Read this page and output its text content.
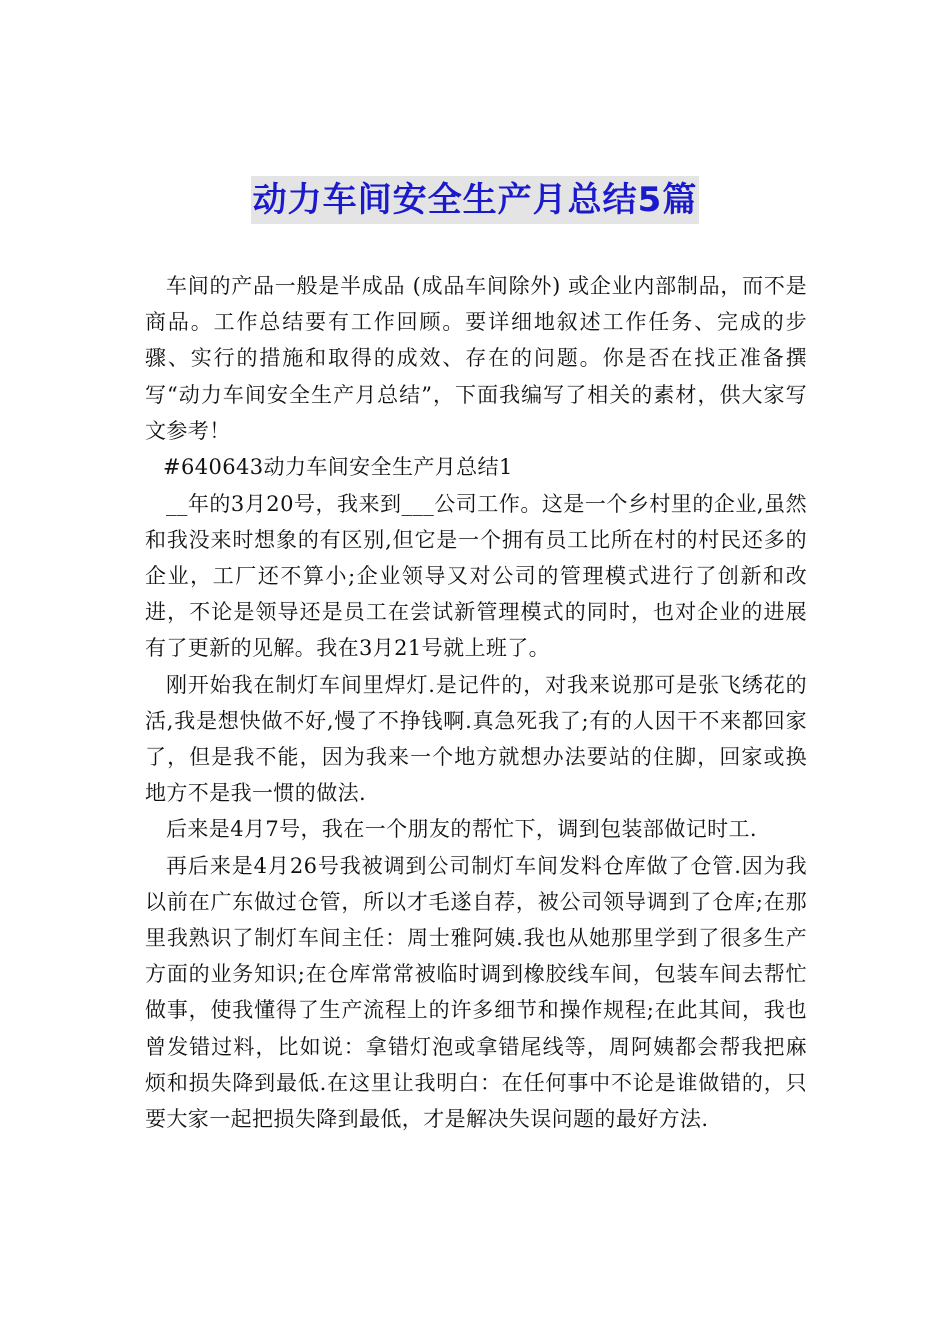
动力车间安全生产月总结5篇

车间的产品一般是半成品 (成品车间除外) 或企业内部制品，而不是商品。工作总结要有工作回顾。要详细地叙述工作任务、完成的步骤、实行的措施和取得的成效、存在的问题。你是否在找正准备撰写“动力车间安全生产月总结”，下面我编写了相关的素材，供大家写文参考！

#640643动力车间安全生产月总结1

__年的3月20号，我来到___公司工作。这是一个乡村里的企业,虽然和我没来时想象的有区别,但它是一个拥有员工比所在村的村民还多的企业，工厂还不算小;企业领导又对公司的管理模式进行了创新和改进，不论是领导还是员工在尝试新管理模式的同时，也对企业的进展有了更新的见解。我在3月21号就上班了。

刚开始我在制灯车间里焊灯.是记件的，对我来说那可是张飞绣花的活,我是想快做不好,慢了不挣钱啊.真急死我了;有的人因干不来都回家了，但是我不能，因为我来一个地方就想办法要站的住脚，回家或换地方不是我一惯的做法.

后来是4月7号，我在一个朋友的帮忙下，调到包装部做记时工.

再后来是4月26号我被调到公司制灯车间发料仓库做了仓管.因为我以前在广东做过仓管，所以才毛遂自荐，被公司领导调到了仓库;在那里我熟识了制灯车间主任：周士雅阿姨.我也从她那里学到了很多生产方面的业务知识;在仓库常常被临时调到橡胶线车间，包装车间去帮忙做事，使我懂得了生产流程上的许多细节和操作规程;在此其间，我也曾发错过料，比如说：拿错灯泡或拿错尾线等，周阿姨都会帮我把麻烦和损失降到最低.在这里让我明白：在任何事中不论是谁做错的，只要大家一起把损失降到最低，才是解决失误问题的最好方法.
